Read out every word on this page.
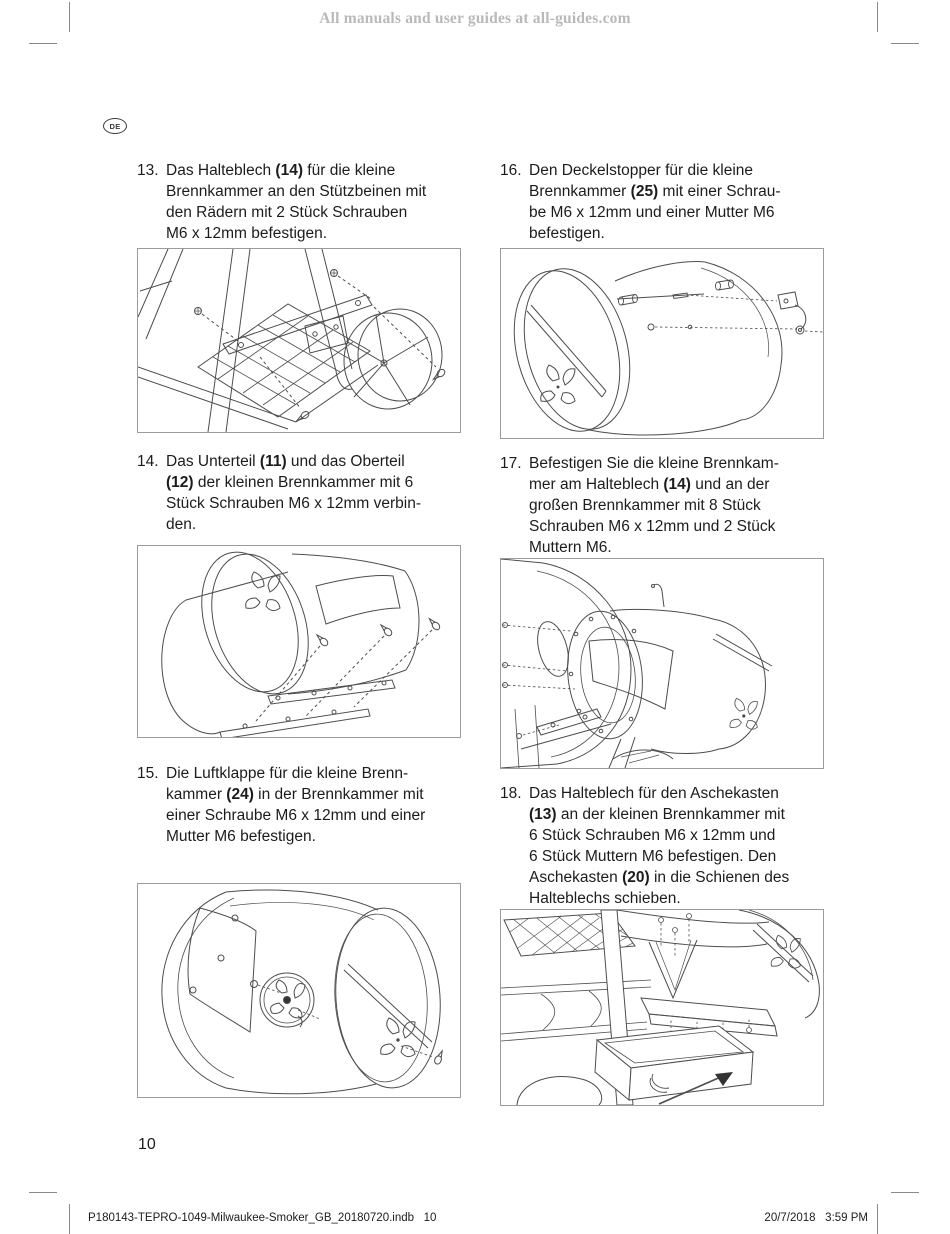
All manuals and user guides at all-guides.com
DE
13. Das Halteblech (14) für die kleine
Brennkammer an den Stützbeinen mit
den Rädern mit 2 Stück Schrauben
M6 x 12mm befestigen.
14. Das Unterteil (11) und das Oberteil
(12) der kleinen Brennkammer mit 6
Stück Schrauben M6 x 12mm verbin-
den.
15. Die Luftklappe für die kleine Brenn-
kammer (24) in der Brennkammer mit
einer Schraube M6 x 12mm und einer
Mutter M6 befestigen.
16. Den Deckelstopper für die kleine
Brennkammer (25) mit einer Schrau-
be M6 x 12mm und einer Mutter M6
befestigen.
17. Befestigen Sie die kleine Brennkam-
mer am Halteblech (14) und an der
großen Brennkammer mit 8 Stück
Schrauben M6 x 12mm und 2 Stück
Muttern M6.
18. Das Halteblech für den Aschekasten
(13) an der kleinen Brennkammer mit
6 Stück Schrauben M6 x 12mm und
6 Stück Muttern M6 befestigen. Den
Aschekasten (20) in die Schienen des
Halteblechs schieben.
10
P180143-TEPRO-1049-Milwaukee-Smoker_GB_20180720.indb   10	20/7/2018   3:59 PM
